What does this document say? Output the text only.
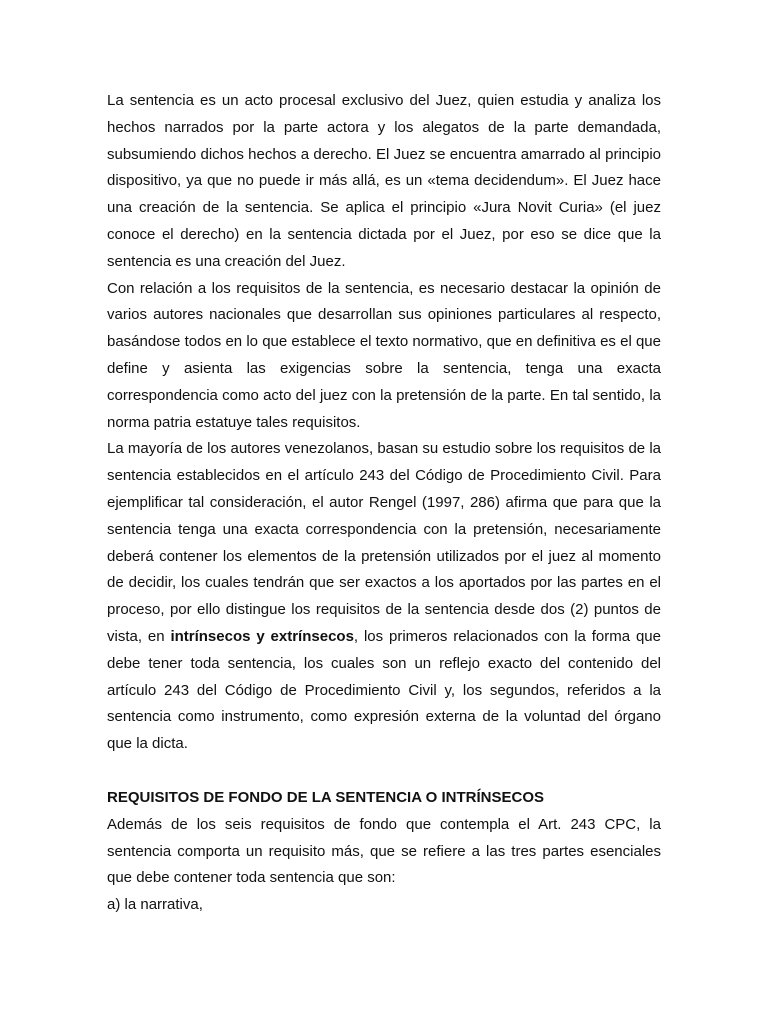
La sentencia es un acto procesal exclusivo del Juez, quien estudia y analiza los hechos narrados por la parte actora y los alegatos de la parte demandada, subsumiendo dichos hechos a derecho. El Juez se encuentra amarrado al principio dispositivo, ya que no puede ir más allá, es un «tema decidendum». El Juez hace una creación de la sentencia. Se aplica el principio «Jura Novit Curia» (el juez conoce el derecho) en la sentencia dictada por el Juez, por eso se dice que la sentencia es una creación del Juez.

Con relación a los requisitos de la sentencia, es necesario destacar la opinión de varios autores nacionales que desarrollan sus opiniones particulares al respecto, basándose todos en lo que establece el texto normativo, que en definitiva es el que define y asienta las exigencias sobre la sentencia, tenga una exacta correspondencia como acto del juez con la pretensión de la parte. En tal sentido, la norma patria estatuye tales requisitos.

La mayoría de los autores venezolanos, basan su estudio sobre los requisitos de la sentencia establecidos en el artículo 243 del Código de Procedimiento Civil. Para ejemplificar tal consideración, el autor Rengel (1997, 286) afirma que para que la sentencia tenga una exacta correspondencia con la pretensión, necesariamente deberá contener los elementos de la pretensión utilizados por el juez al momento de decidir, los cuales tendrán que ser exactos a los aportados por las partes en el proceso, por ello distingue los requisitos de la sentencia desde dos (2) puntos de vista, en intrínsecos y extrínsecos, los primeros relacionados con la forma que debe tener toda sentencia, los cuales son un reflejo exacto del contenido del artículo 243 del Código de Procedimiento Civil y, los segundos, referidos a la sentencia como instrumento, como expresión externa de la voluntad del órgano que la dicta.

REQUISITOS DE FONDO DE LA SENTENCIA O INTRÍNSECOS

Además de los seis requisitos de fondo que contempla el Art. 243 CPC, la sentencia comporta un requisito más, que se refiere a las tres partes esenciales que debe contener toda sentencia que son:

a) la narrativa,
